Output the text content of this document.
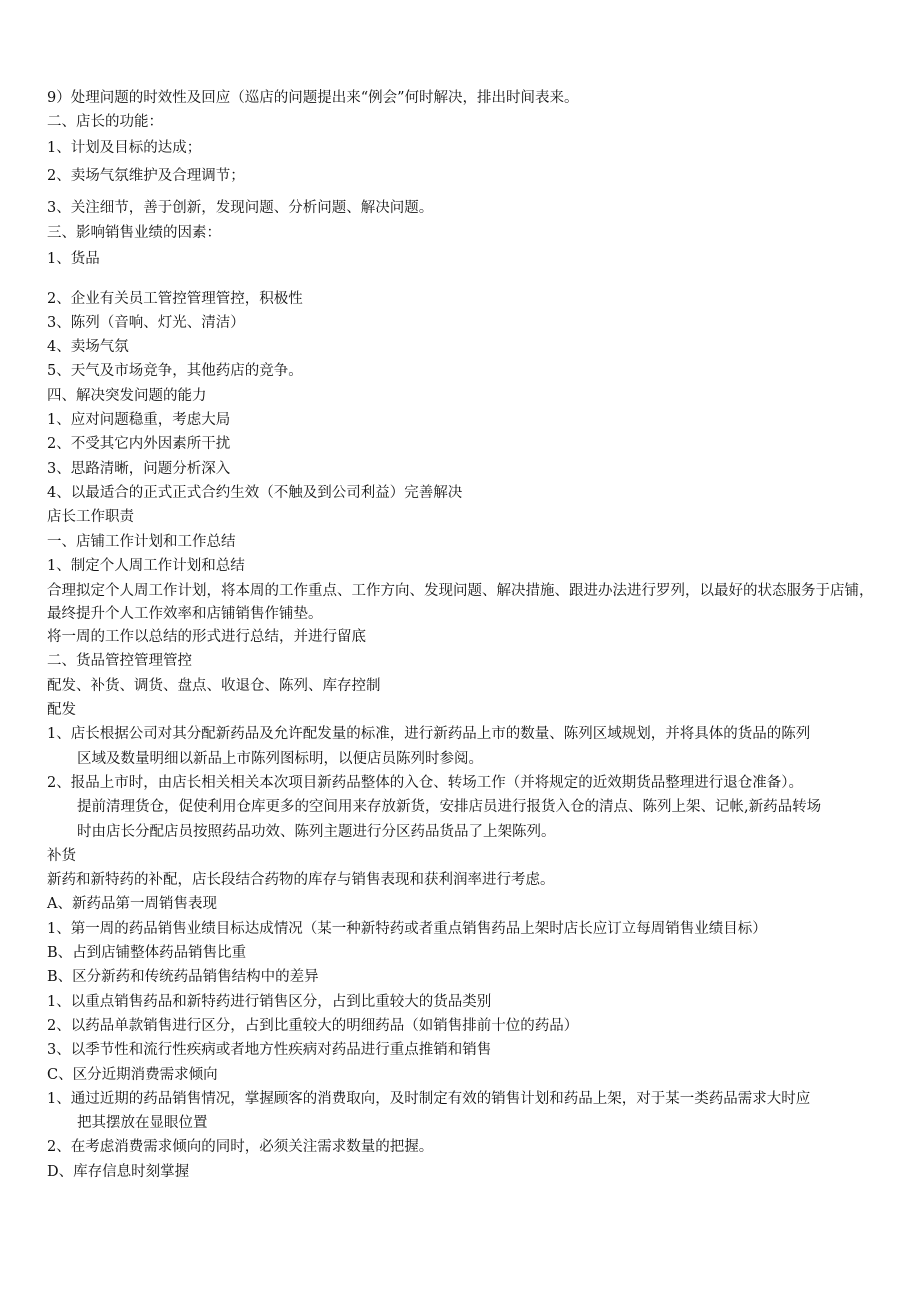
9）处理问题的时效性及回应（巡店的问题提出来“例会”何时解决，排出时间表来。
二、店长的功能：
1、计划及目标的达成；
2、卖场气氛维护及合理调节；
3、关注细节，善于创新，发现问题、分析问题、解决问题。
三、影响销售业绩的因素：
1、货品
2、企业有关员工管控管理管控，积极性
3、陈列（音响、灯光、清洁）
4、卖场气氛
5、天气及市场竞争，其他药店的竞争。
四、解决突发问题的能力
1、应对问题稳重，考虑大局
2、不受其它内外因素所干扰
3、思路清晰，问题分析深入
4、以最适合的正式正式合约生效（不触及到公司利益）完善解决
店长工作职责
一、店铺工作计划和工作总结
1、制定个人周工作计划和总结
合理拟定个人周工作计划，将本周的工作重点、工作方向、发现问题、解决措施、跟进办法进行罗列，以最好的状态服务于店铺，最终提升个人工作效率和店铺销售作铺垫。
将一周的工作以总结的形式进行总结，并进行留底
二、货品管控管理管控
配发、补货、调货、盘点、收退仓、陈列、库存控制
配发
1、店长根据公司对其分配新药品及允许配发量的标准，进行新药品上市的数量、陈列区域规划，并将具体的货品的陈列
区域及数量明细以新品上市陈列图标明，以便店员陈列时参阅。
2、报品上市时，由店长相关相关本次项目新药品整体的入仓、转场工作（并将规定的近效期货品整理进行退仓准备）。
提前清理货仓，促使利用仓库更多的空间用来存放新货，安排店员进行报货入仓的清点、陈列上架、记帐,新药品转场
时由店长分配店员按照药品功效、陈列主题进行分区药品货品了上架陈列。
补货
新药和新特药的补配，店长段结合药物的库存与销售表现和获利润率进行考虑。
A、新药品第一周销售表现
1、第一周的药品销售业绩目标达成情况（某一种新特药或者重点销售药品上架时店长应订立每周销售业绩目标）
B、占到店铺整体药品销售比重
B、区分新药和传统药品销售结构中的差异
1、以重点销售药品和新特药进行销售区分，占到比重较大的货品类别
2、以药品单款销售进行区分，占到比重较大的明细药品（如销售排前十位的药品）
3、以季节性和流行性疾病或者地方性疾病对药品进行重点推销和销售
C、区分近期消费需求倾向
1、通过近期的药品销售情况，掌握顾客的消费取向，及时制定有效的销售计划和药品上架，对于某一类药品需求大时应
把其摆放在显眼位置
2、在考虑消费需求倾向的同时，必须关注需求数量的把握。
D、库存信息时刻掌握
